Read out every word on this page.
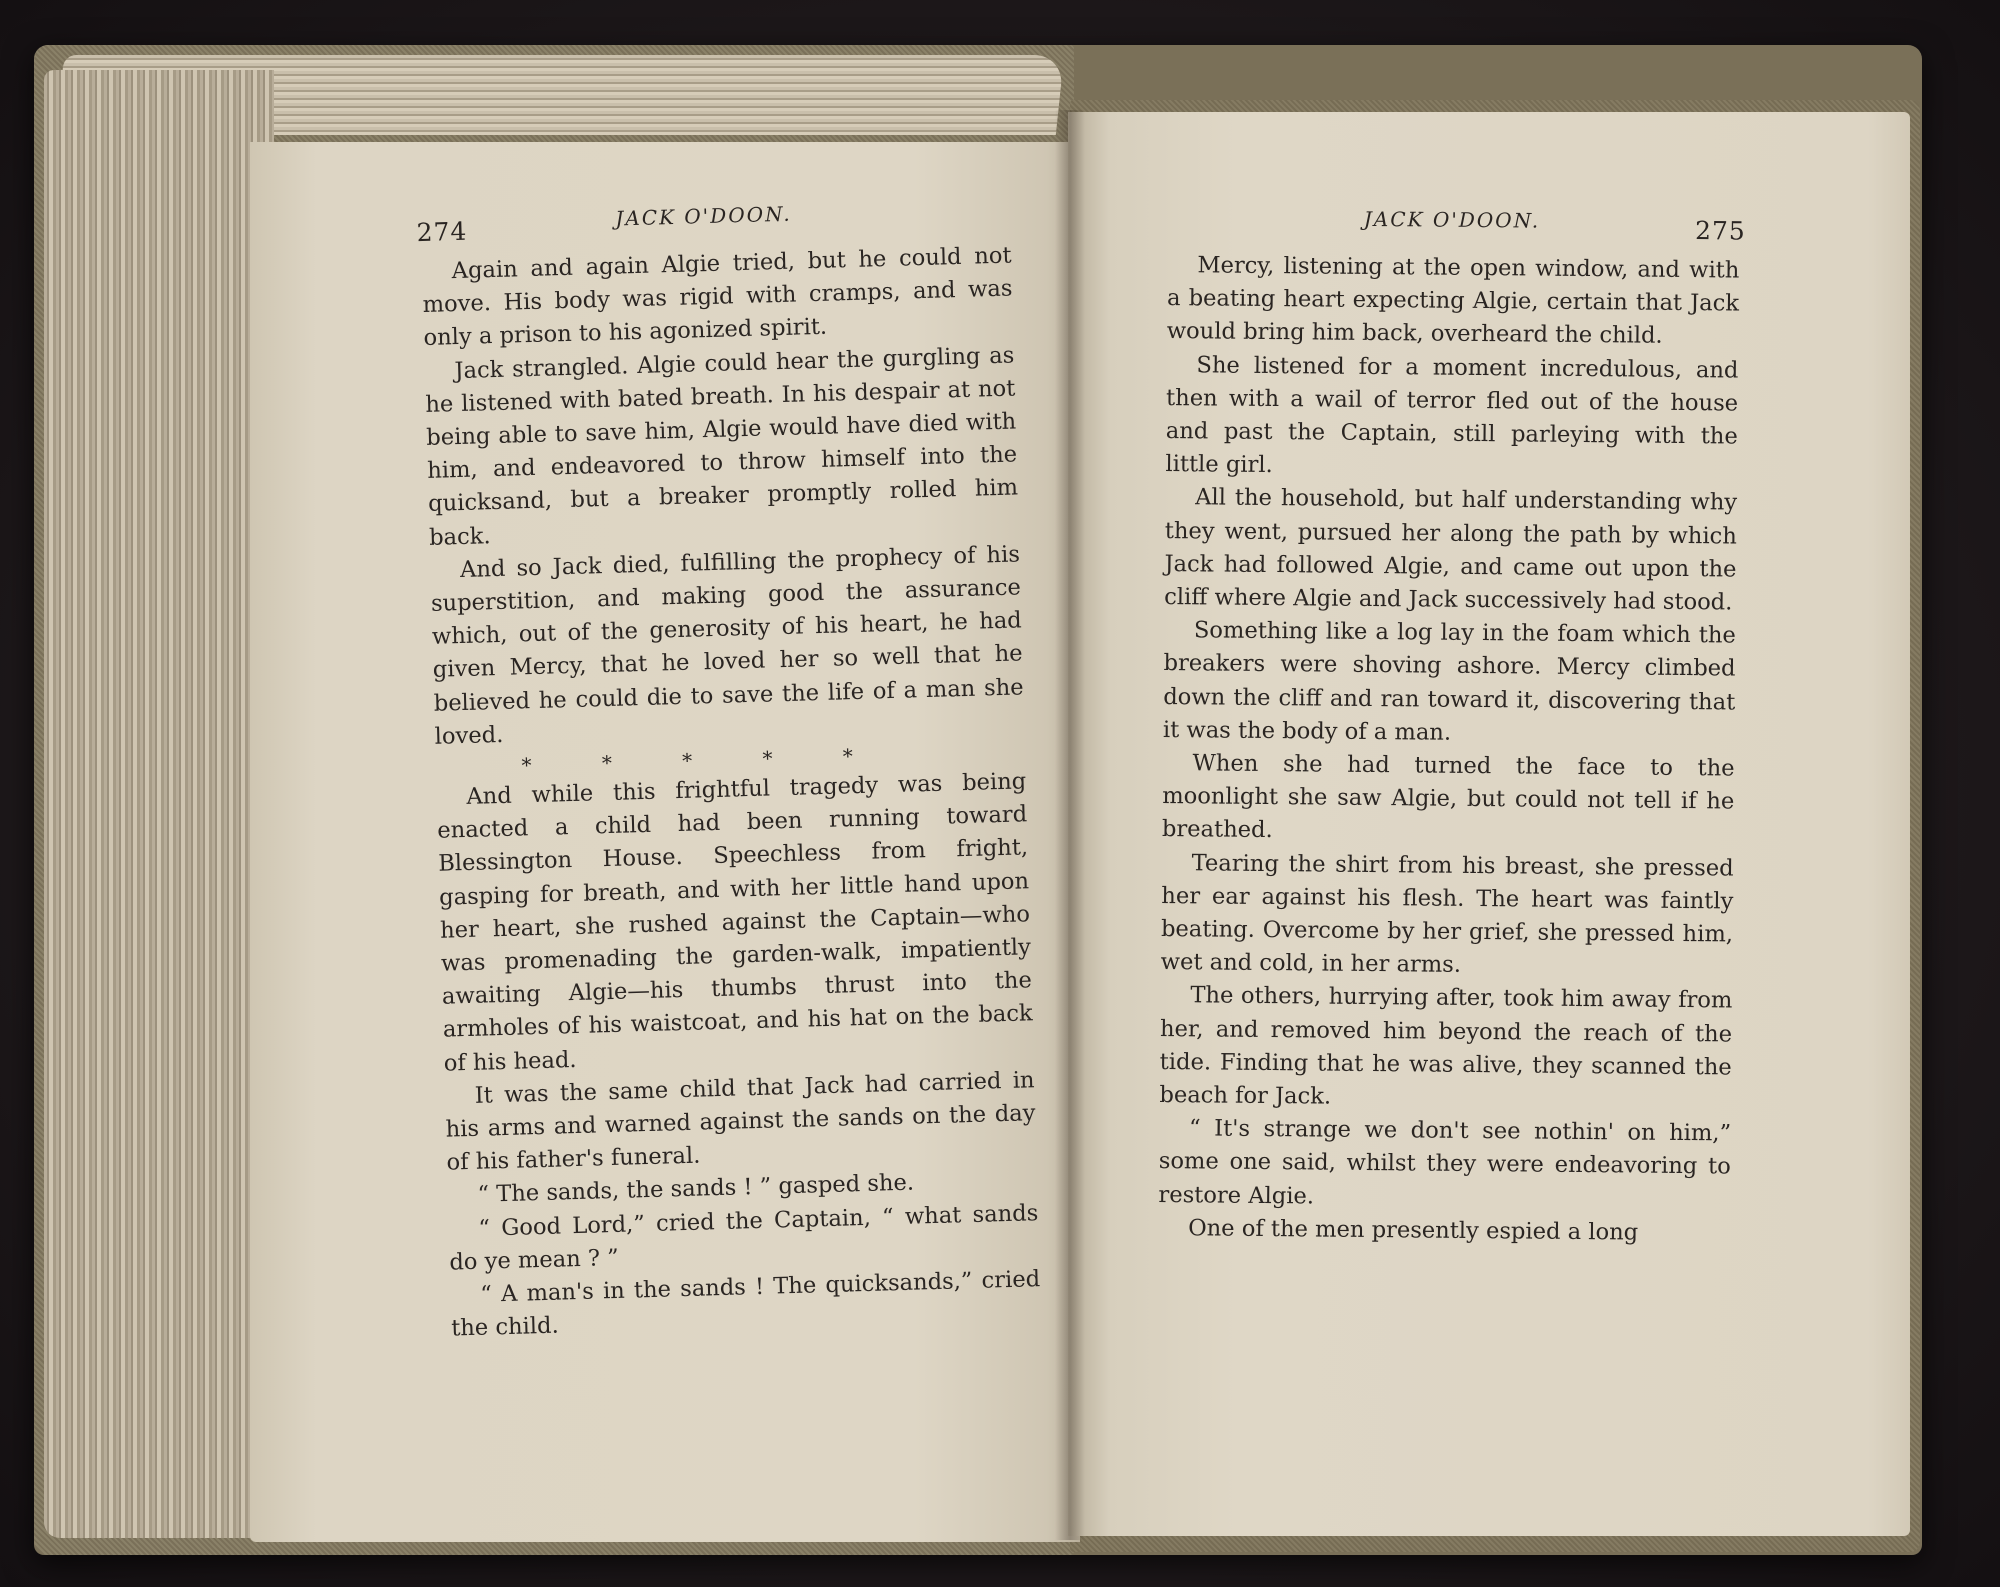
274
JACK O'DOON.

Again and again Algie tried, but he could not move. His body was rigid with cramps, and was only a prison to his agonized spirit.

Jack strangled. Algie could hear the gurgling as he listened with bated breath. In his despair at not being able to save him, Algie would have died with him, and endeavored to throw himself into the quicksand, but a breaker promptly rolled him back.

And so Jack died, fulfilling the prophecy of his superstition, and making good the assurance which, out of the generosity of his heart, he had given Mercy, that he loved her so well that he believed he could die to save the life of a man she loved.

* * * * *

And while this frightful tragedy was being enacted a child had been running toward Blessington House. Speechless from fright, gasping for breath, and with her little hand upon her heart, she rushed against the Captain—who was promenading the garden-walk, impatiently awaiting Algie—his thumbs thrust into the armholes of his waistcoat, and his hat on the back of his head.

It was the same child that Jack had carried in his arms and warned against the sands on the day of his father's funeral.

“ The sands, the sands ! ” gasped she.

“ Good Lord,” cried the Captain, “ what sands do ye mean ? ”

“ A man's in the sands ! The quicksands,” cried the child.

JACK O'DOON.	275

Mercy, listening at the open window, and with a beating heart expecting Algie, certain that Jack would bring him back, overheard the child.

She listened for a moment incredulous, and then with a wail of terror fled out of the house and past the Captain, still parleying with the little girl.

All the household, but half understanding why they went, pursued her along the path by which Jack had followed Algie, and came out upon the cliff where Algie and Jack successively had stood.

Something like a log lay in the foam which the breakers were shoving ashore. Mercy climbed down the cliff and ran toward it, discovering that it was the body of a man.

When she had turned the face to the moonlight she saw Algie, but could not tell if he breathed.

Tearing the shirt from his breast, she pressed her ear against his flesh. The heart was faintly beating. Overcome by her grief, she pressed him, wet and cold, in her arms.

The others, hurrying after, took him away from her, and removed him beyond the reach of the tide. Finding that he was alive, they scanned the beach for Jack.

“ It's strange we don't see nothin' on him,” some one said, whilst they were endeavoring to restore Algie.

One of the men presently espied a long
